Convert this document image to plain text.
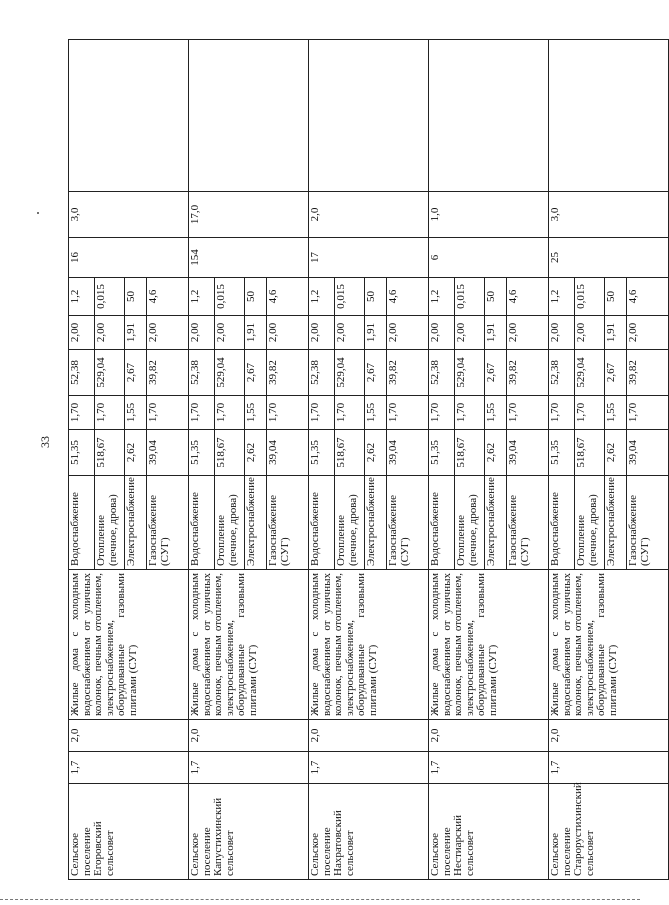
33
Сельское поселение Егоровский сельсовет	1,7	2,0	Жилые дома с холодным водоснабжением от уличных колонок, печным отоплением, электроснабжением, оборудованные газовыми плитами (СУГ)	Водоснабжение	51,35	1,70	52,38	2,00	1,2	16	3,0	
				Отопление (печное, дрова)	518,67	1,70	529,04	2,00	0,015			
				Электроснабжение	2,62	1,55	2,67	1,91	50			
				Газоснабжение (СУГ)	39,04	1,70	39,82	2,00	4,6			
Сельское поселение Капустихинский сельсовет	1,7	2,0	Жилые дома с холодным водоснабжением от уличных колонок, печным отоплением, электроснабжением, оборудованные газовыми плитами (СУГ)	Водоснабжение	51,35	1,70	52,38	2,00	1,2	154	17,0	
				Отопление (печное, дрова)	518,67	1,70	529,04	2,00	0,015			
				Электроснабжение	2,62	1,55	2,67	1,91	50			
				Газоснабжение (СУГ)	39,04	1,70	39,82	2,00	4,6			
Сельское поселение Нахратовский сельсовет	1,7	2,0	Жилые дома с холодным водоснабжением от уличных колонок, печным отоплением, электроснабжением, оборудованные газовыми плитами (СУГ)	Водоснабжение	51,35	1,70	52,38	2,00	1,2	17	2,0	
				Отопление (печное, дрова)	518,67	1,70	529,04	2,00	0,015			
				Электроснабжение	2,62	1,55	2,67	1,91	50			
				Газоснабжение (СУГ)	39,04	1,70	39,82	2,00	4,6			
Сельское поселение Нестиарский сельсовет	1,7	2,0	Жилые дома с холодным водоснабжением от уличных колонок, печным отоплением, электроснабжением, оборудованные газовыми плитами (СУГ)	Водоснабжение	51,35	1,70	52,38	2,00	1,2	6	1,0	
				Отопление (печное, дрова)	518,67	1,70	529,04	2,00	0,015			
				Электроснабжение	2,62	1,55	2,67	1,91	50			
				Газоснабжение (СУГ)	39,04	1,70	39,82	2,00	4,6			
Сельское поселение Старорустихинский сельсовет	1,7	2,0	Жилые дома с холодным водоснабжением от уличных колонок, печным отоплением, электроснабжением, оборудованные газовыми плитами (СУГ)	Водоснабжение	51,35	1,70	52,38	2,00	1,2	25	3,0	
				Отопление (печное, дрова)	518,67	1,70	529,04	2,00	0,015			
				Электроснабжение	2,62	1,55	2,67	1,91	50			
				Газоснабжение (СУГ)	39,04	1,70	39,82	2,00	4,6			
